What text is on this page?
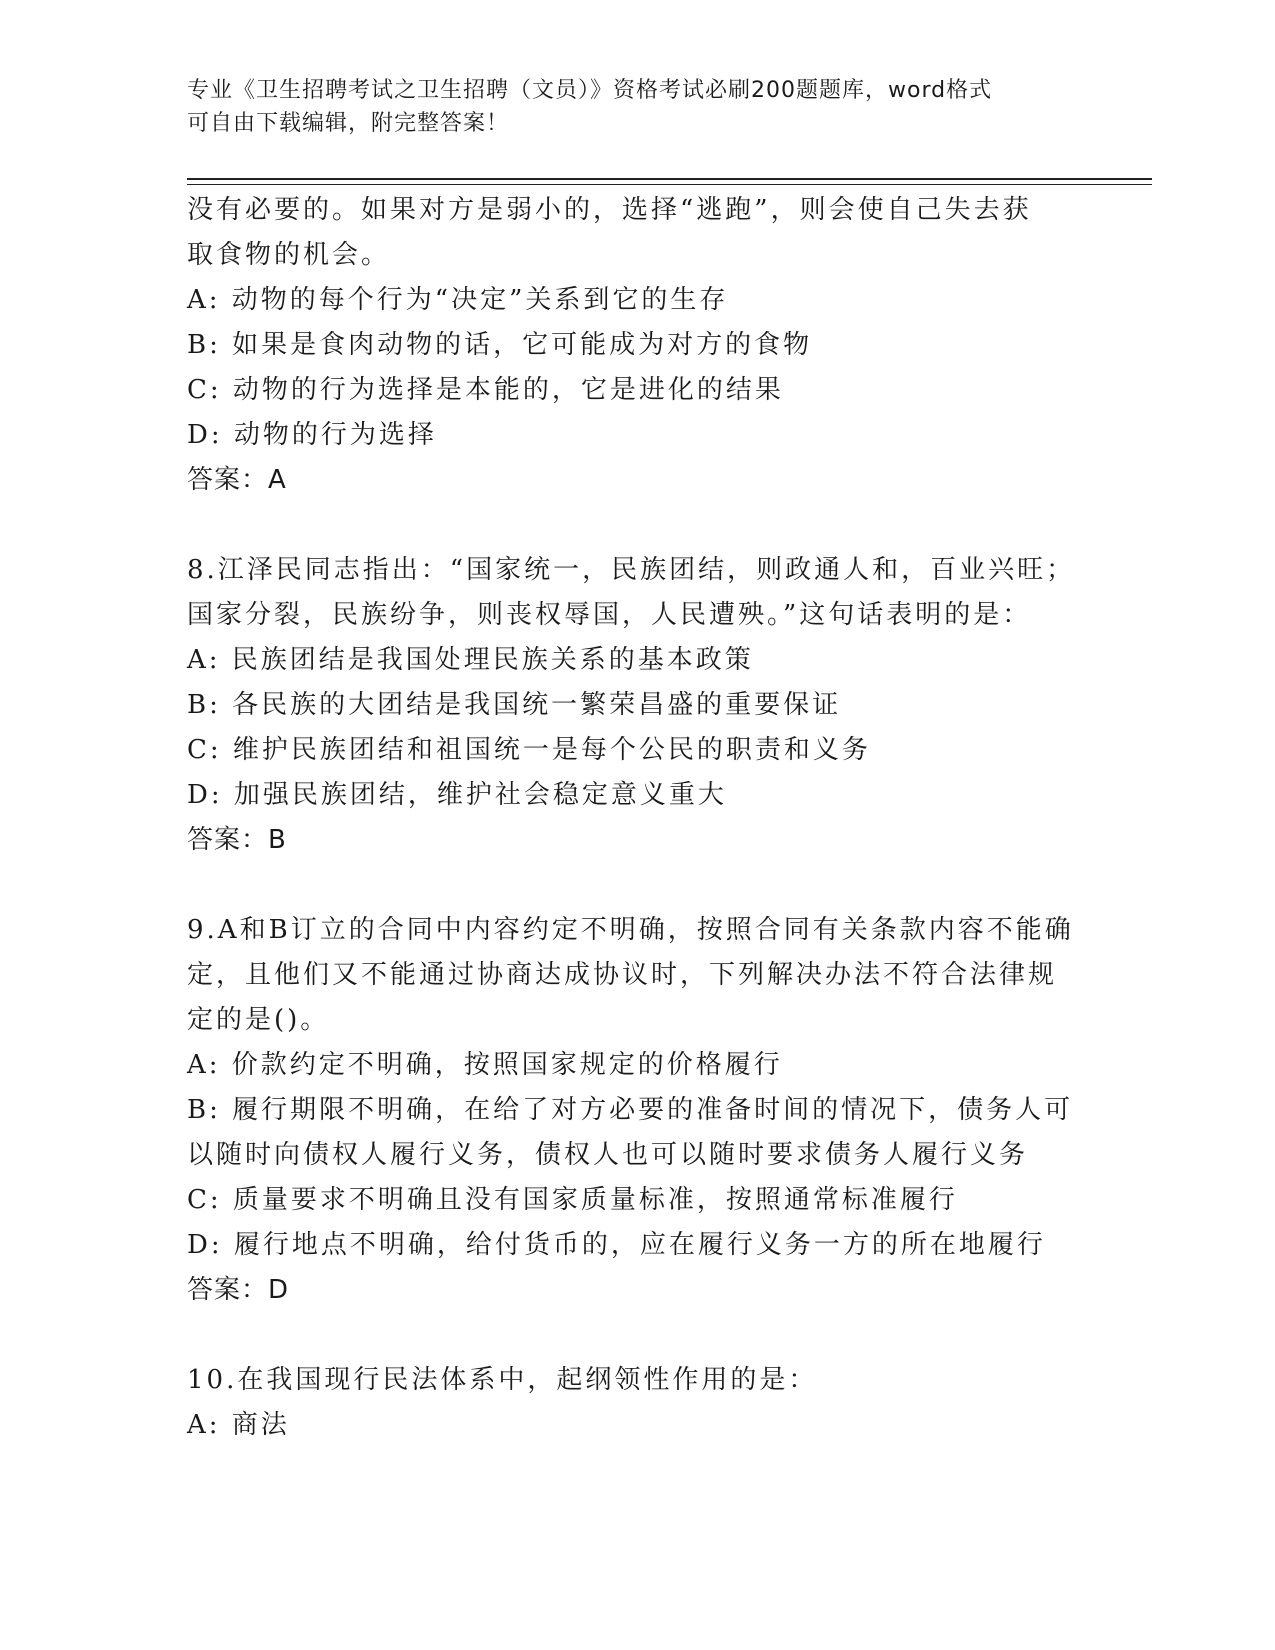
专业《卫生招聘考试之卫生招聘（文员）》资格考试必刷200题题库，word格式
可自由下载编辑，附完整答案！

没有必要的。如果对方是弱小的，选择“逃跑”，则会使自己失去获

取食物的机会。

A: 动物的每个行为“决定”关系到它的生存

B: 如果是食肉动物的话，它可能成为对方的食物

C: 动物的行为选择是本能的，它是进化的结果

D: 动物的行为选择

答案：A

8.江泽民同志指出：“国家统一，民族团结，则政通人和，百业兴旺；

国家分裂，民族纷争，则丧权辱国，人民遭殃。”这句话表明的是：

A: 民族团结是我国处理民族关系的基本政策

B: 各民族的大团结是我国统一繁荣昌盛的重要保证

C: 维护民族团结和祖国统一是每个公民的职责和义务

D: 加强民族团结，维护社会稳定意义重大

答案：B

9.A和B订立的合同中内容约定不明确，按照合同有关条款内容不能确

定，且他们又不能通过协商达成协议时，下列解决办法不符合法律规

定的是()。

A: 价款约定不明确，按照国家规定的价格履行

B: 履行期限不明确，在给了对方必要的准备时间的情况下，债务人可

以随时向债权人履行义务，债权人也可以随时要求债务人履行义务

C: 质量要求不明确且没有国家质量标准，按照通常标准履行

D: 履行地点不明确，给付货币的，应在履行义务一方的所在地履行

答案：D

10.在我国现行民法体系中，起纲领性作用的是：

A: 商法
